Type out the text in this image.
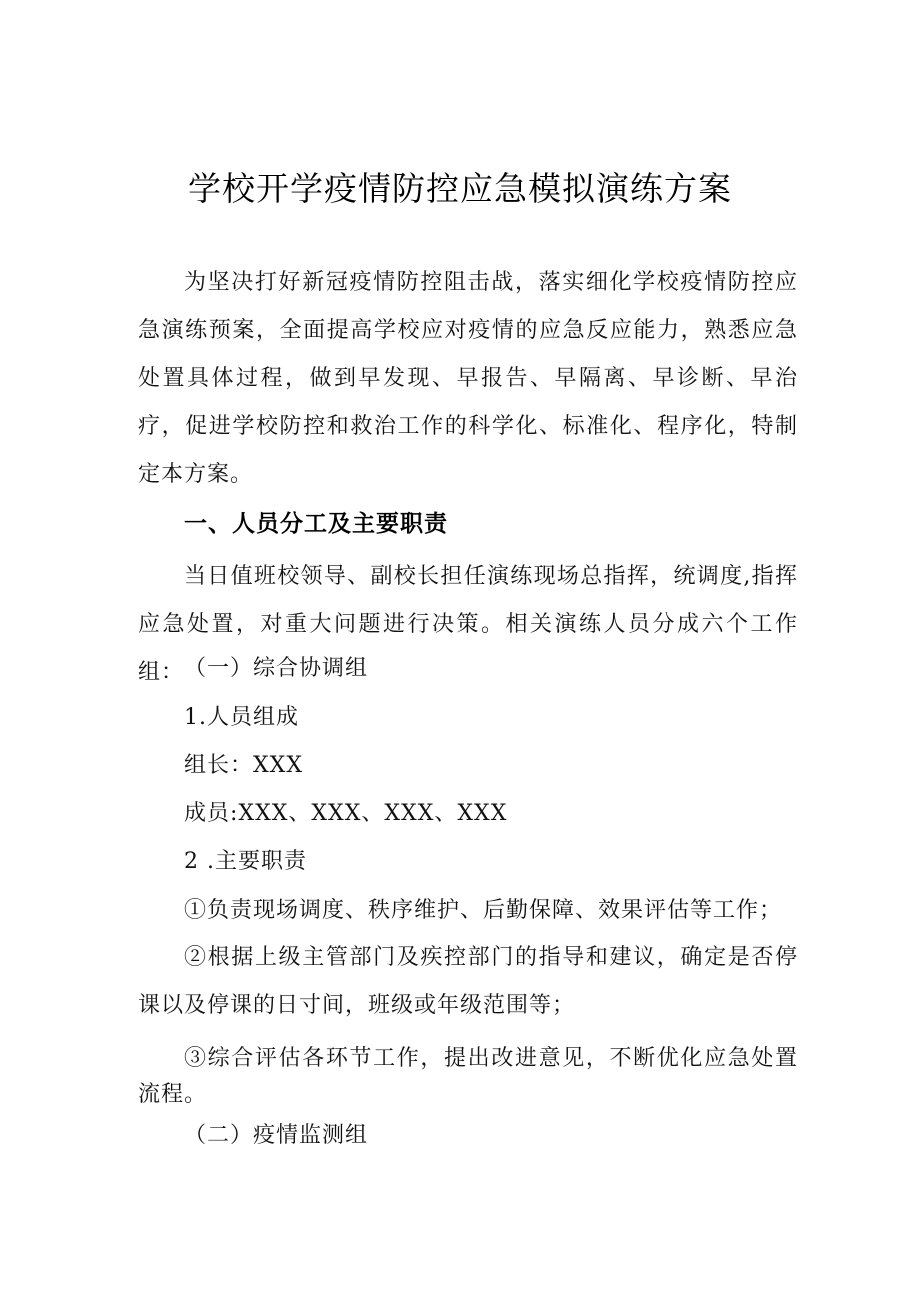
学校开学疫情防控应急模拟演练方案

为坚决打好新冠疫情防控阻击战，落实细化学校疫情防控应急演练预案，全面提高学校应对疫情的应急反应能力，熟悉应急处置具体过程，做到早发现、早报告、早隔离、早诊断、早治疗，促进学校防控和救治工作的科学化、标准化、程序化，特制定本方案。

一、人员分工及主要职责

当日值班校领导、副校长担任演练现场总指挥，统调度,指挥应急处置，对重大问题进行决策。相关演练人员分成六个工作组： （一）综合协调组

1.人员组成

组长：XXX

成员:XXX、XXX、XXX、XXX

2 .主要职责

①负责现场调度、秩序维护、后勤保障、效果评估等工作；

②根据上级主管部门及疾控部门的指导和建议，确定是否停课以及停课的日寸间，班级或年级范围等；

③综合评估各环节工作，提出改进意见，不断优化应急处置流程。

（二）疫情监测组
